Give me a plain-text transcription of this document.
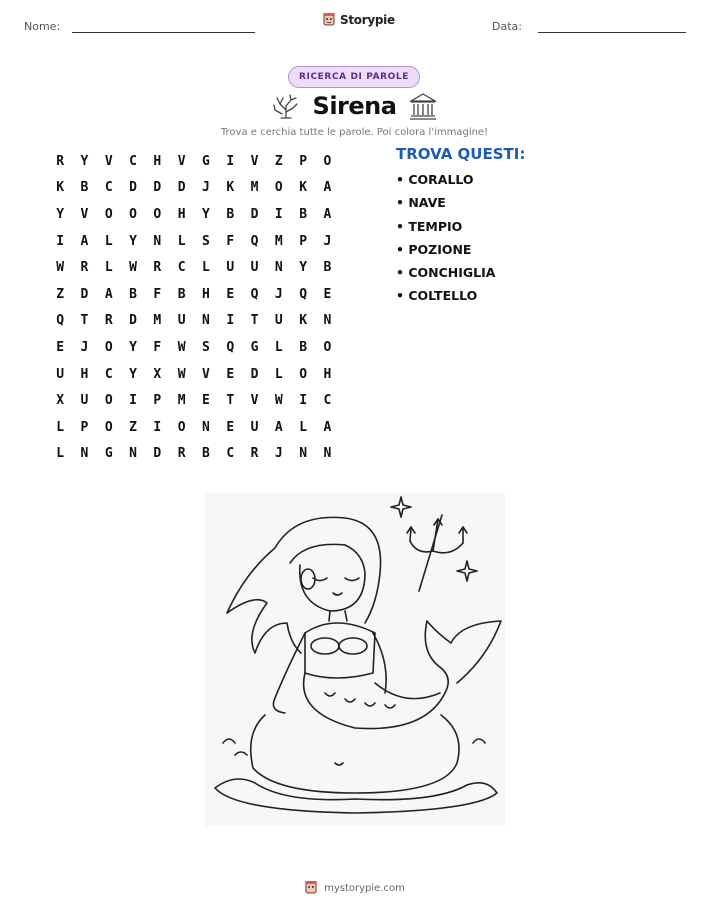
Nome:	Storypie	Data:
RICERCA DI PAROLE
Sirena
Trova e cerchia tutte le parole. Poi colora l'immagine!
R	Y	V	C	H	V	G	I	V	Z	P	O
K	B	C	D	D	D	J	K	M	O	K	A
Y	V	O	O	O	H	Y	B	D	I	B	A
I	A	L	Y	N	L	S	F	Q	M	P	J
W	R	L	W	R	C	L	U	U	N	Y	B
Z	D	A	B	F	B	H	E	Q	J	Q	E
Q	T	R	D	M	U	N	I	T	U	K	N
E	J	O	Y	F	W	S	Q	G	L	B	O
U	H	C	Y	X	W	V	E	D	L	O	H
X	U	O	I	P	M	E	T	V	W	I	C
L	P	O	Z	I	O	N	E	U	A	L	A
L	N	G	N	D	R	B	C	R	J	N	N
TROVA QUESTI:
• CORALLO
• NAVE
• TEMPIO
• POZIONE
• CONCHIGLIA
• COLTELLO
mystorypie.com
